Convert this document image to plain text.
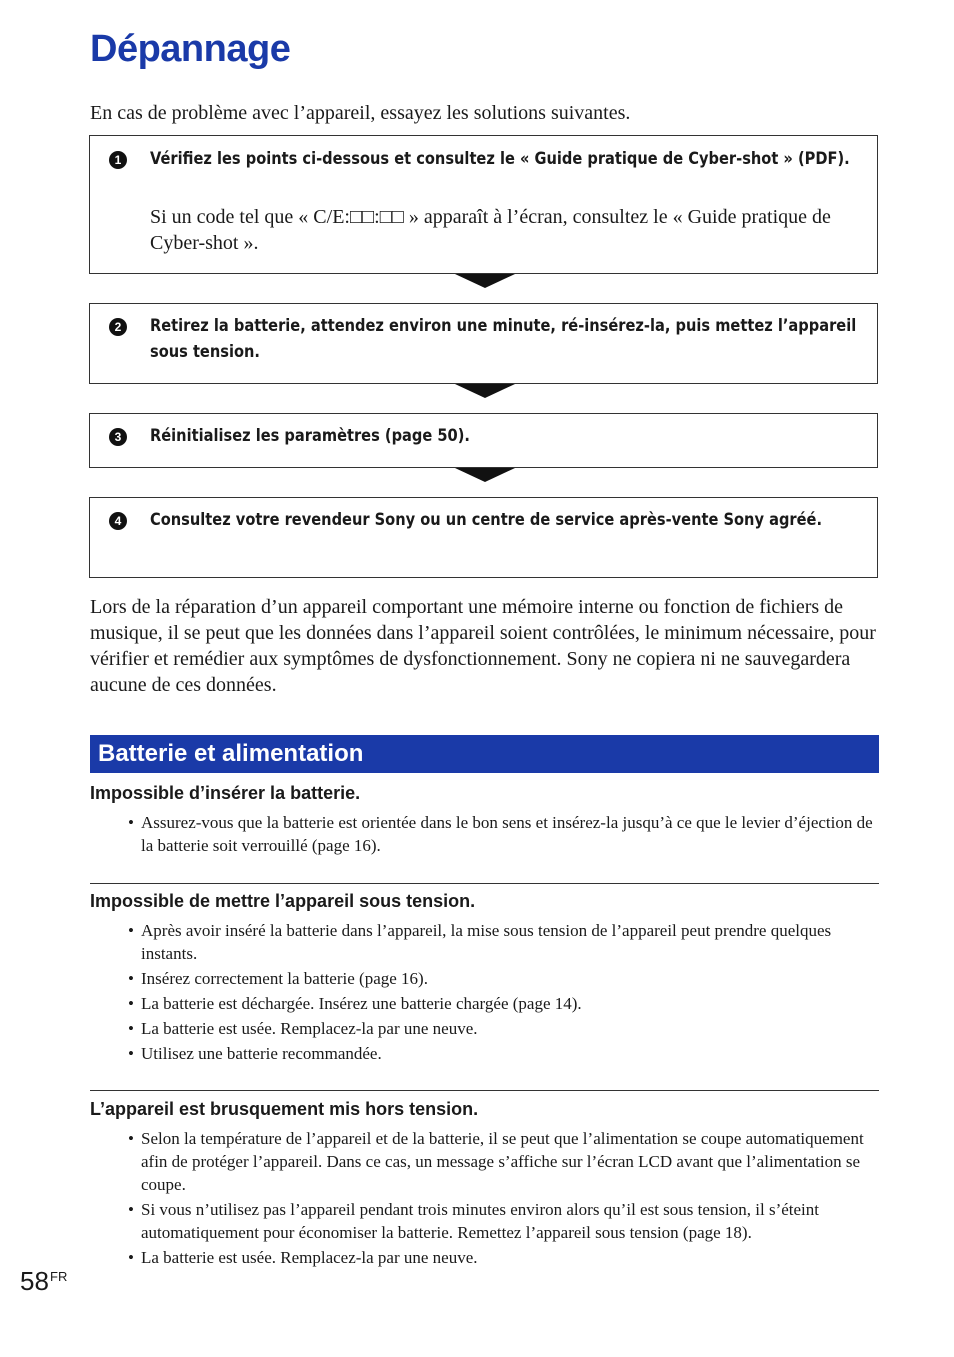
Dépannage

En cas de problème avec l’appareil, essayez les solutions suivantes.

1	Vérifiez les points ci-dessous et consultez le « Guide pratique de Cyber-shot » (PDF).

Si un code tel que « C/E:□□:□□ » apparaît à l’écran, consultez le « Guide pratique de Cyber-shot ».

2	Retirez la batterie, attendez environ une minute, ré-insérez-la, puis mettez l’appareil sous tension.

3	Réinitialisez les paramètres (page 50).

4	Consultez votre revendeur Sony ou un centre de service après-vente Sony agréé.

Lors de la réparation d’un appareil comportant une mémoire interne ou fonction de fichiers de musique, il se peut que les données dans l’appareil soient contrôlées, le minimum nécessaire, pour vérifier et remédier aux symptômes de dysfonctionnement. Sony ne copiera ni ne sauvegardera aucune de ces données.

Batterie et alimentation

Impossible d’insérer la batterie.

• Assurez-vous que la batterie est orientée dans le bon sens et insérez-la jusqu’à ce que le levier d’éjection de la batterie soit verrouillé (page 16).

Impossible de mettre l’appareil sous tension.

• Après avoir inséré la batterie dans l’appareil, la mise sous tension de l’appareil peut prendre quelques instants.
• Insérez correctement la batterie (page 16).
• La batterie est déchargée. Insérez une batterie chargée (page 14).
• La batterie est usée. Remplacez-la par une neuve.
• Utilisez une batterie recommandée.

L’appareil est brusquement mis hors tension.

• Selon la température de l’appareil et de la batterie, il se peut que l’alimentation se coupe automatiquement afin de protéger l’appareil. Dans ce cas, un message s’affiche sur l’écran LCD avant que l’alimentation se coupe.
• Si vous n’utilisez pas l’appareil pendant trois minutes environ alors qu’il est sous tension, il s’éteint automatiquement pour économiser la batterie. Remettez l’appareil sous tension (page 18).
• La batterie est usée. Remplacez-la par une neuve.
58 FR
